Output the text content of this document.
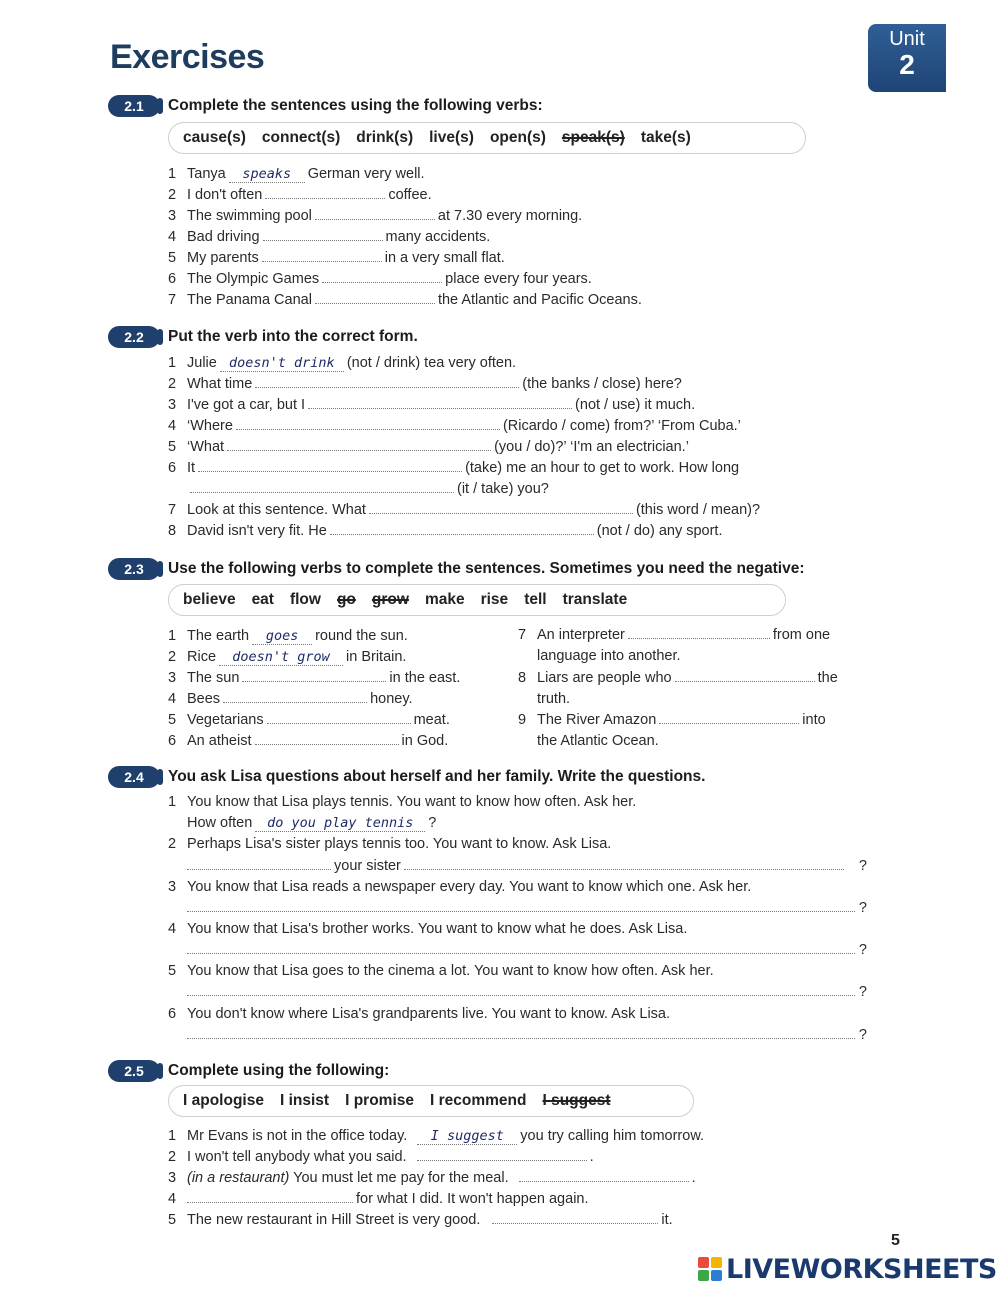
Exercises	Unit
2
2.1	Complete the sentences using the following verbs:
cause(s)	connect(s)	drink(s)	live(s)	open(s)	speak(s)	take(s)
1 Tanya speaks German very well.
2 I don't often	coffee.
3 The swimming pool	at 7.30 every morning.
4 Bad driving	many accidents.
5 My parents	in a very small flat.
6 The Olympic Games	place every four years.
7 The Panama Canal	the Atlantic and Pacific Oceans.
2.2	Put the verb into the correct form.
1 Julie doesn't drink (not / drink) tea very often.
2 What time	(the banks / close) here?
3 I've got a car, but I	(not / use) it much.
4 ‘Where	(Ricardo / come) from?’ ‘From Cuba.’
5 ‘What	(you / do)?’ ‘I'm an electrician.’
6 It	(take) me an hour to get to work. How long
(it / take) you?
7 Look at this sentence. What	(this word / mean)?
8 David isn't very fit. He	(not / do) any sport.
2.3	Use the following verbs to complete the sentences. Sometimes you need the negative:
believe	eat	flow	go	grow	make	rise	tell	translate
1 The earth goes round the sun.
2 Rice doesn't grow in Britain.
3 The sun	in the east.
4 Bees	honey.
5 Vegetarians	meat.
6 An atheist	in God.
7 An interpreter	from one
language into another.
8 Liars are people who	the
truth.
9 The River Amazon	into
the Atlantic Ocean.
2.4	You ask Lisa questions about herself and her family. Write the questions.
1 You know that Lisa plays tennis. You want to know how often. Ask her.
How often do you play tennis ?
2 Perhaps Lisa's sister plays tennis too. You want to know. Ask Lisa.
your sister	?
3 You know that Lisa reads a newspaper every day. You want to know which one. Ask her.
?
4 You know that Lisa's brother works. You want to know what he does. Ask Lisa.
?
5 You know that Lisa goes to the cinema a lot. You want to know how often. Ask her.
?
6 You don't know where Lisa's grandparents live. You want to know. Ask Lisa.
?
2.5	Complete using the following:
I apologise	I insist	I promise	I recommend	I suggest
1 Mr Evans is not in the office today. I suggest you try calling him tomorrow.
2 I won't tell anybody what you said.	.
3 (in a restaurant) You must let me pay for the meal.	.
4	for what I did. It won't happen again.
5 The new restaurant in Hill Street is very good.	it.
5
LIVEWORKSHEETS
